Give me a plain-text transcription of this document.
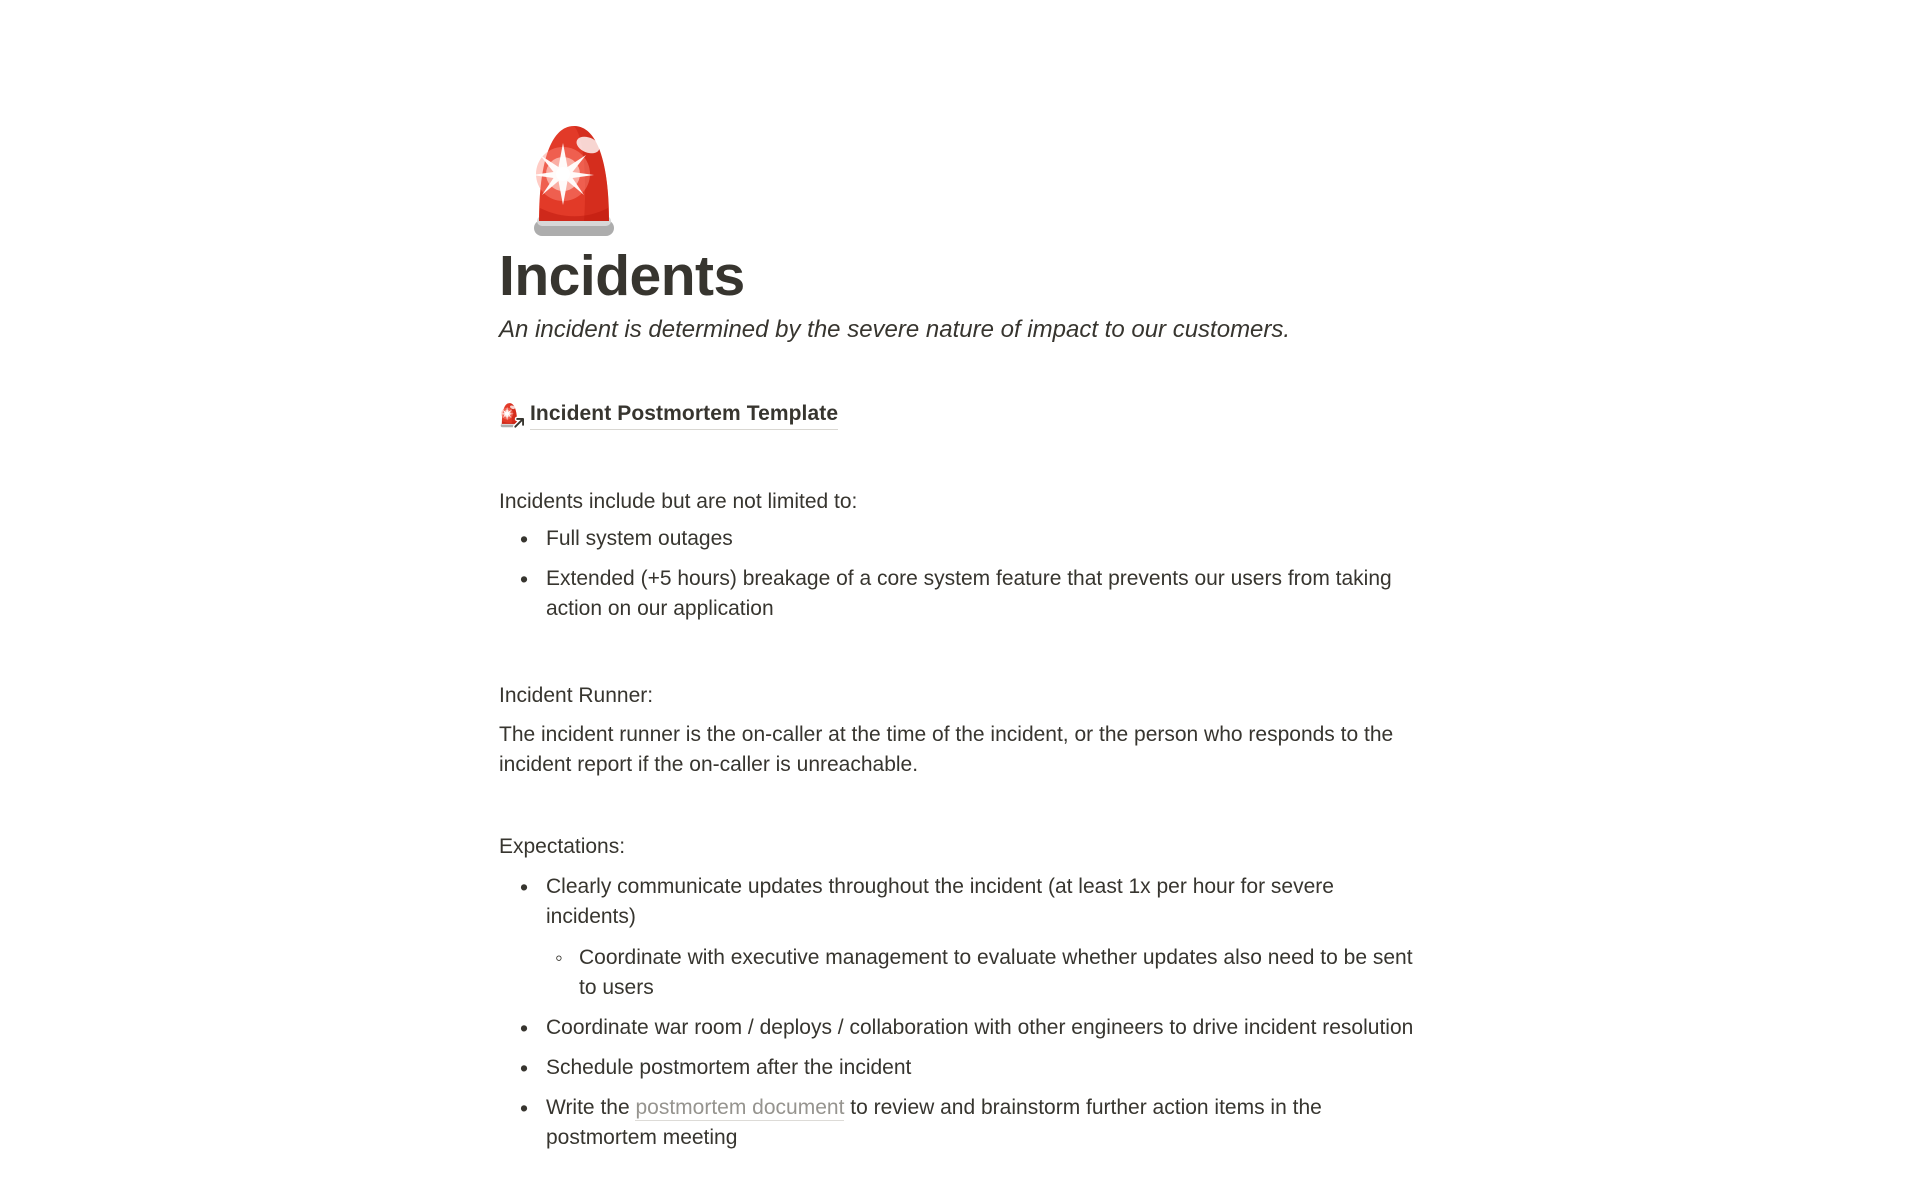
Incidents

An incident is determined by the severe nature of impact to our customers.

Incident Postmortem Template

Incidents include but are not limited to:

• Full system outages
• Extended (+5 hours) breakage of a core system feature that prevents our users from taking action on our application

Incident Runner:

The incident runner is the on-caller at the time of the incident, or the person who responds to the incident report if the on-caller is unreachable.

Expectations:

• Clearly communicate updates throughout the incident (at least 1x per hour for severe incidents)
◦ Coordinate with executive management to evaluate whether updates also need to be sent to users
• Coordinate war room / deploys / collaboration with other engineers to drive incident resolution
• Schedule postmortem after the incident
• Write the postmortem document to review and brainstorm further action items in the postmortem meeting
